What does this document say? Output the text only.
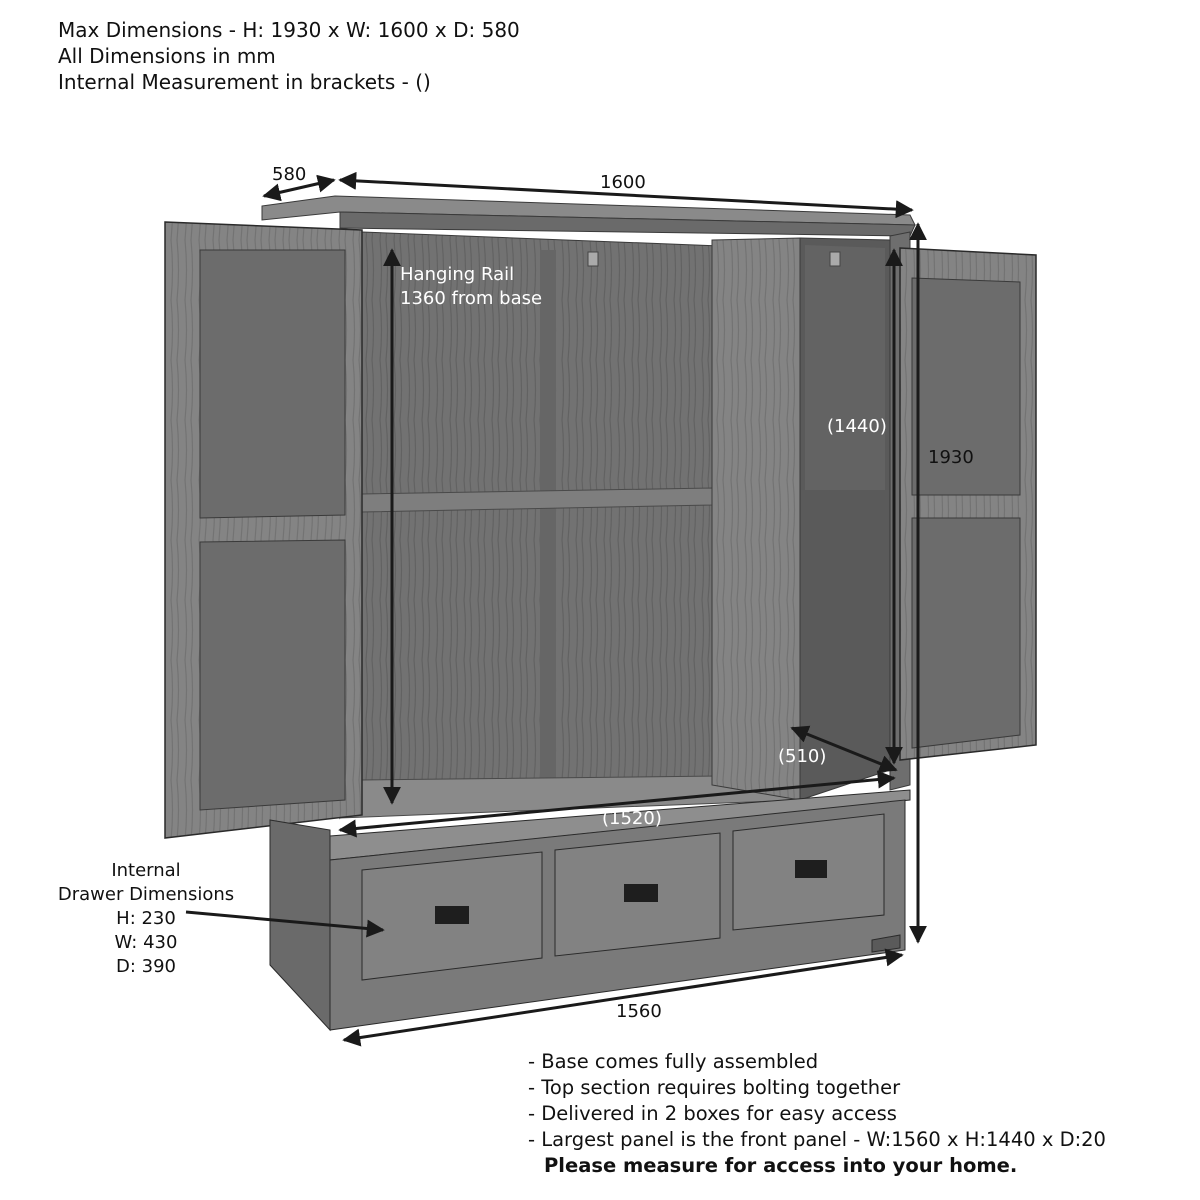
Max Dimensions - H: 1930 x W: 1600 x D: 580
All Dimensions in mm
Internal Measurement in brackets - ()
580	1600
1930
Hanging Rail
1360 from base
(1440)
(510)
(1520)
1560
Internal
Drawer Dimensions
H: 230
W: 430
D: 390
- Base comes fully assembled
- Top section requires bolting together
- Delivered in 2 boxes for easy access
- Largest panel is the front panel - W:1560 x H:1440 x D:20
Please measure for access into your home.
